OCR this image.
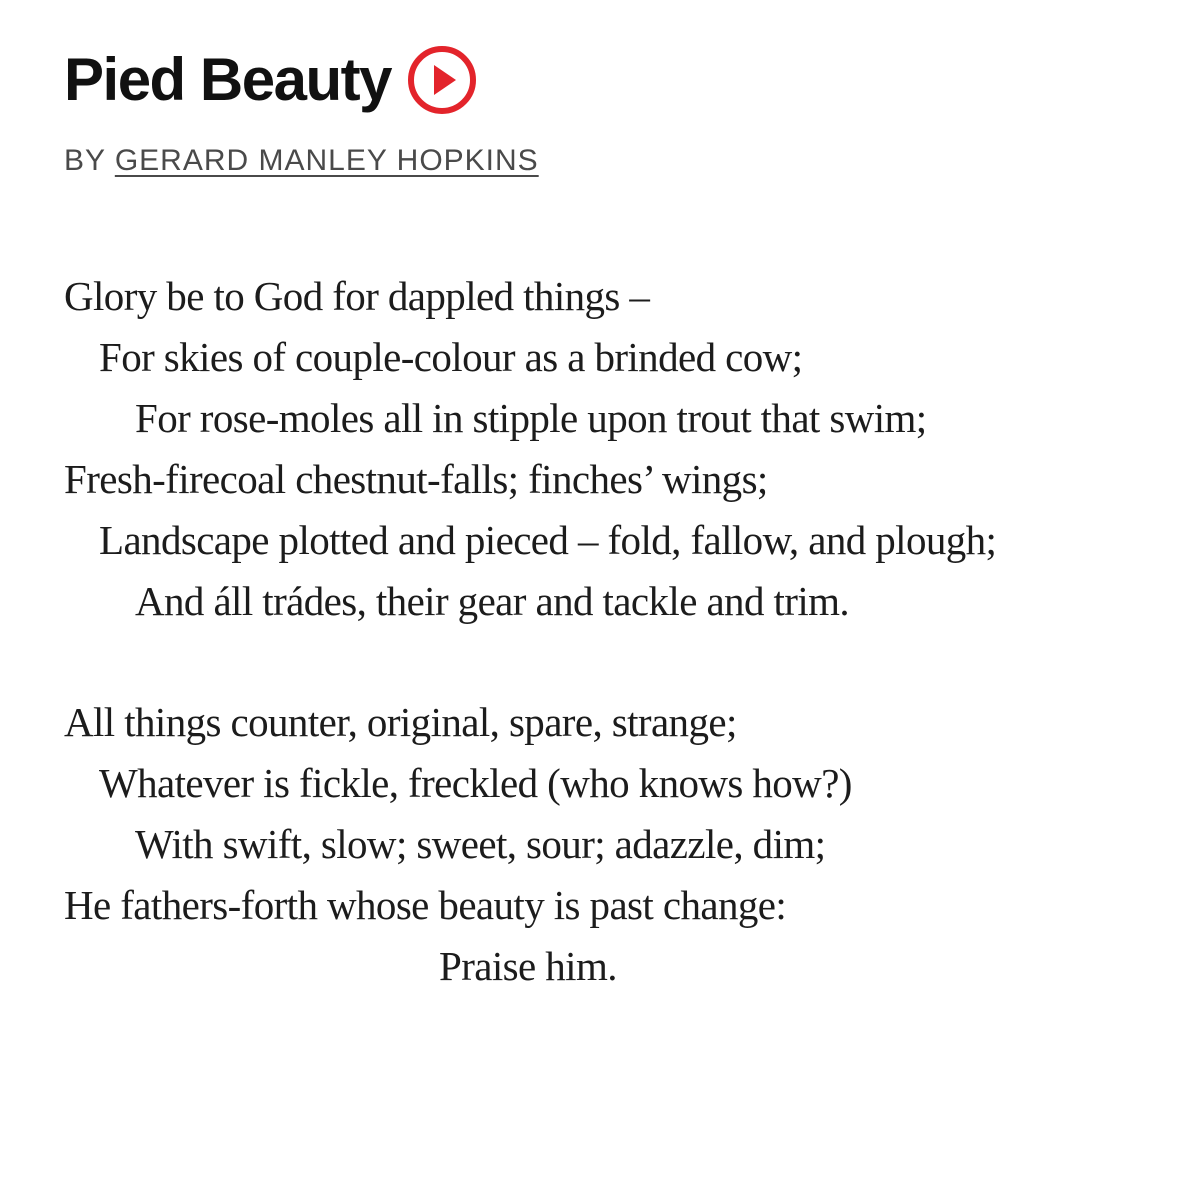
Pied Beauty
BY GERARD MANLEY HOPKINS
Glory be to God for dappled things –
For skies of couple-colour as a brinded cow;
For rose-moles all in stipple upon trout that swim;
Fresh-firecoal chestnut-falls; finches’ wings;
Landscape plotted and pieced – fold, fallow, and plough;
And áll trádes, their gear and tackle and trim.
All things counter, original, spare, strange;
Whatever is fickle, freckled (who knows how?)
With swift, slow; sweet, sour; adazzle, dim;
He fathers-forth whose beauty is past change:
Praise him.
